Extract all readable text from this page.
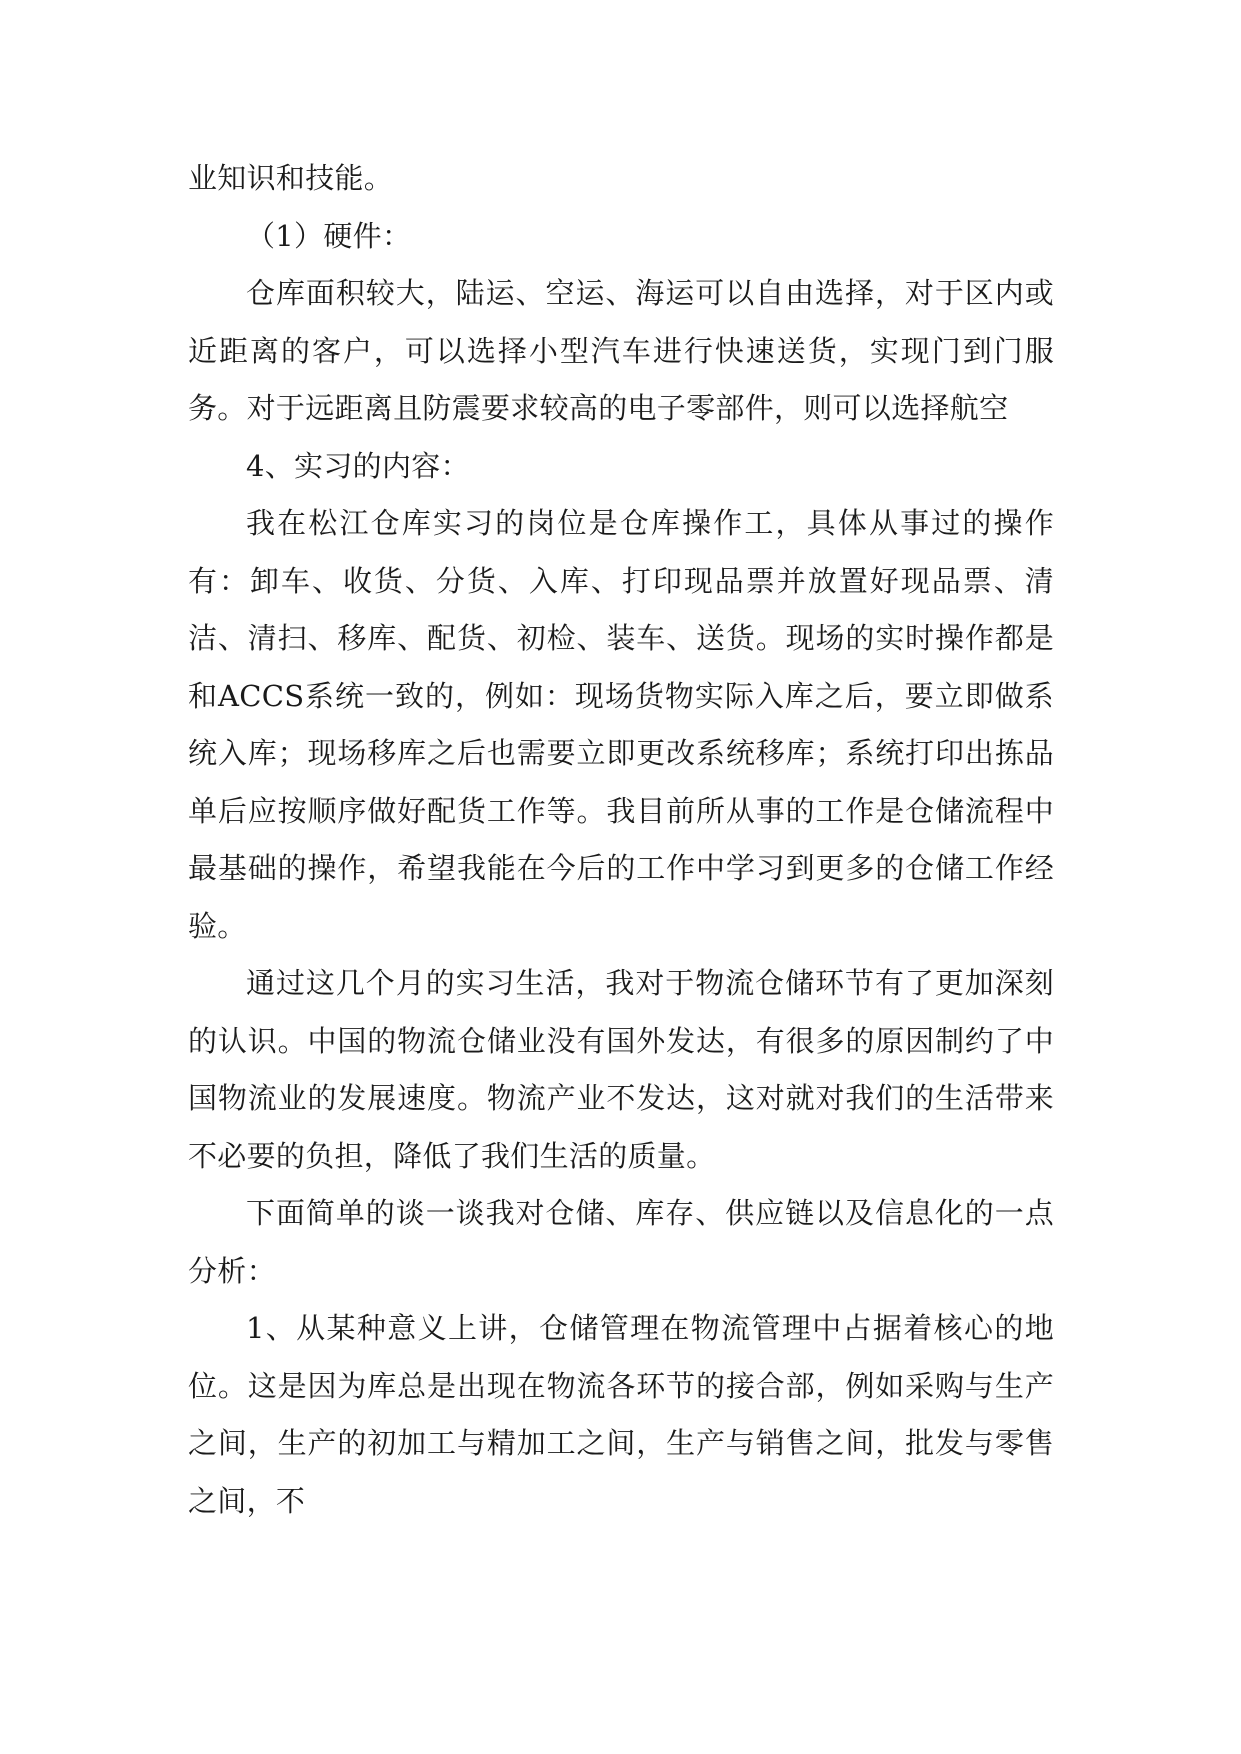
业知识和技能。

（1）硬件：

仓库面积较大，陆运、空运、海运可以自由选择，对于区内或近距离的客户，可以选择小型汽车进行快速送货，实现门到门服务。对于远距离且防震要求较高的电子零部件，则可以选择航空

4、实习的内容：

我在松江仓库实习的岗位是仓库操作工，具体从事过的操作有：卸车、收货、分货、入库、打印现品票并放置好现品票、清洁、清扫、移库、配货、初检、装车、送货。现场的实时操作都是和ACCS系统一致的，例如：现场货物实际入库之后，要立即做系统入库；现场移库之后也需要立即更改系统移库；系统打印出拣品单后应按顺序做好配货工作等。我目前所从事的工作是仓储流程中最基础的操作，希望我能在今后的工作中学习到更多的仓储工作经验。

通过这几个月的实习生活，我对于物流仓储环节有了更加深刻的认识。中国的物流仓储业没有国外发达，有很多的原因制约了中国物流业的发展速度。物流产业不发达，这对就对我们的生活带来不必要的负担，降低了我们生活的质量。

下面简单的谈一谈我对仓储、库存、供应链以及信息化的一点分析：

1、从某种意义上讲，仓储管理在物流管理中占据着核心的地位。这是因为库总是出现在物流各环节的接合部，例如采购与生产之间，生产的初加工与精加工之间，生产与销售之间，批发与零售之间，不
